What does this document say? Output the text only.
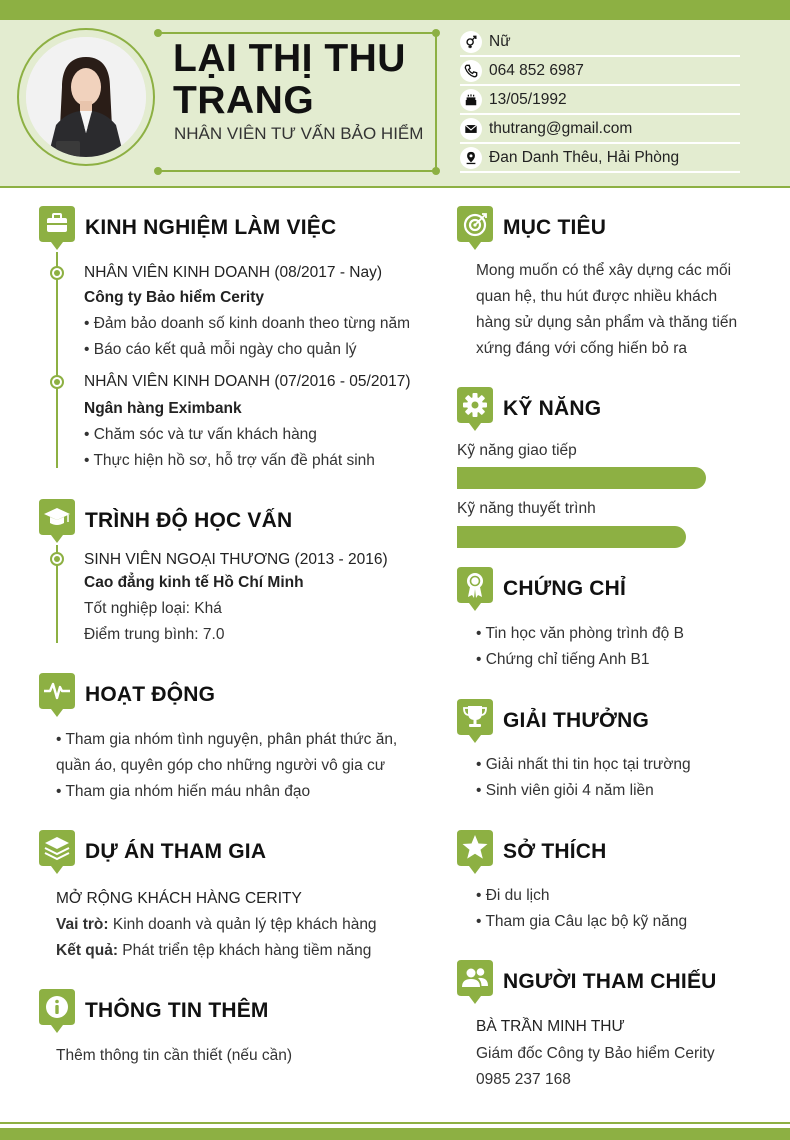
LẠI THỊ THU TRANG
NHÂN VIÊN TƯ VẤN BẢO HIỂM
Nữ
064 852 6987
13/05/1992
thutrang@gmail.com
Đan Danh Thêu, Hải Phòng
KINH NGHIỆM LÀM VIỆC
NHÂN VIÊN KINH DOANH (08/2017 - Nay)
Công ty Bảo hiểm Cerity
• Đảm bảo doanh số kinh doanh theo từng năm
• Báo cáo kết quả mỗi ngày cho quản lý
NHÂN VIÊN KINH DOANH (07/2016 - 05/2017)
Ngân hàng Eximbank
• Chăm sóc và tư vấn khách hàng
• Thực hiện hồ sơ, hỗ trợ vấn đề phát sinh
TRÌNH ĐỘ HỌC VẤN
SINH VIÊN NGOẠI THƯƠNG (2013 - 2016)
Cao đẳng kinh tế Hồ Chí Minh
Tốt nghiệp loại: Khá
Điểm trung bình: 7.0
HOẠT ĐỘNG
• Tham gia nhóm tình nguyện, phân phát thức ăn,
quần áo, quyên góp cho những người vô gia cư
• Tham gia nhóm hiến máu nhân đạo
DỰ ÁN THAM GIA
MỞ RỘNG KHÁCH HÀNG CERITY
Vai trò: Kinh doanh và quản lý tệp khách hàng
Kết quả: Phát triển tệp khách hàng tiềm năng
THÔNG TIN THÊM
Thêm thông tin cần thiết (nếu cần)
MỤC TIÊU
Mong muốn có thể xây dựng các mối
quan hệ, thu hút được nhiều khách
hàng sử dụng sản phẩm và thăng tiến
xứng đáng với cống hiến bỏ ra
KỸ NĂNG
Kỹ năng giao tiếp
Kỹ năng thuyết trình
CHỨNG CHỈ
• Tin học văn phòng trình độ B
• Chứng chỉ tiếng Anh B1
GIẢI THƯỞNG
• Giải nhất thi tin học tại trường
• Sinh viên giỏi 4 năm liền
SỞ THÍCH
• Đi du lịch
• Tham gia Câu lạc bộ kỹ năng
NGƯỜI THAM CHIẾU
BÀ TRẦN MINH THƯ
Giám đốc Công ty Bảo hiểm Cerity
0985 237 168
